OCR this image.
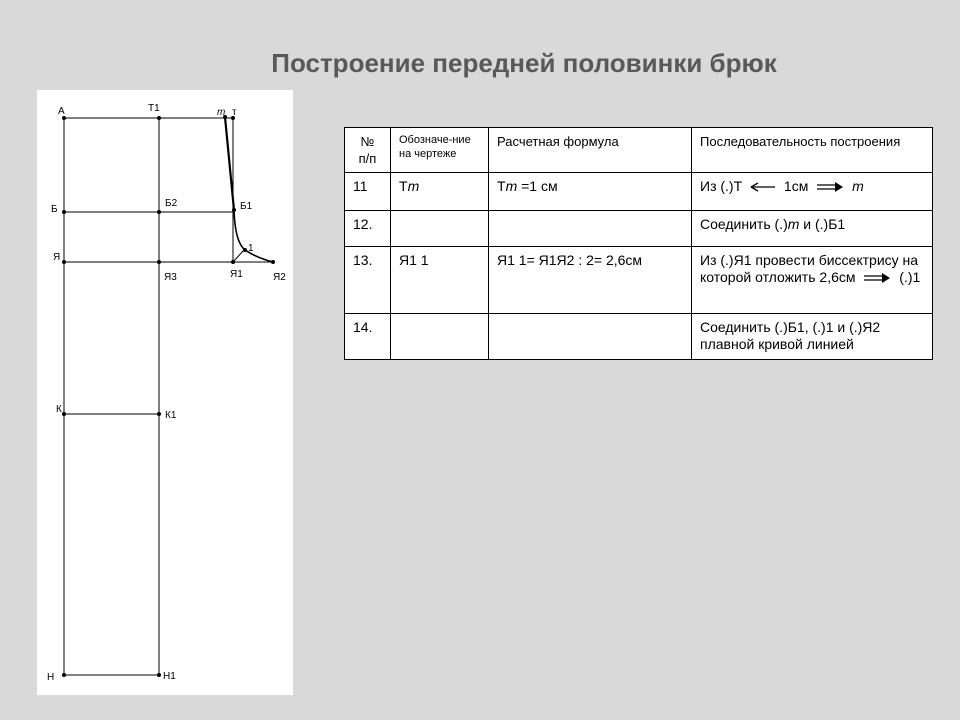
Построение передней половинки брюк
А	Т1	m т
Б
Б2	Б1
1
Я
Я3	Я1	Я2
К
К1
Н	Н1
№
п/п	Обозначе-ние на чертеже	Расчетная формула	Последовательность построения
11	Тm	Тm =1 см	Из (.)Т 1см m
12.			Соединить (.)m и (.)Б1
13.	Я1 1	Я1 1= Я1Я2 : 2= 2,6см	Из (.)Я1 провести биссектрису на которой отложить 2,6см (.)1
14.			Соединить (.)Б1, (.)1 и (.)Я2 плавной кривой линией
